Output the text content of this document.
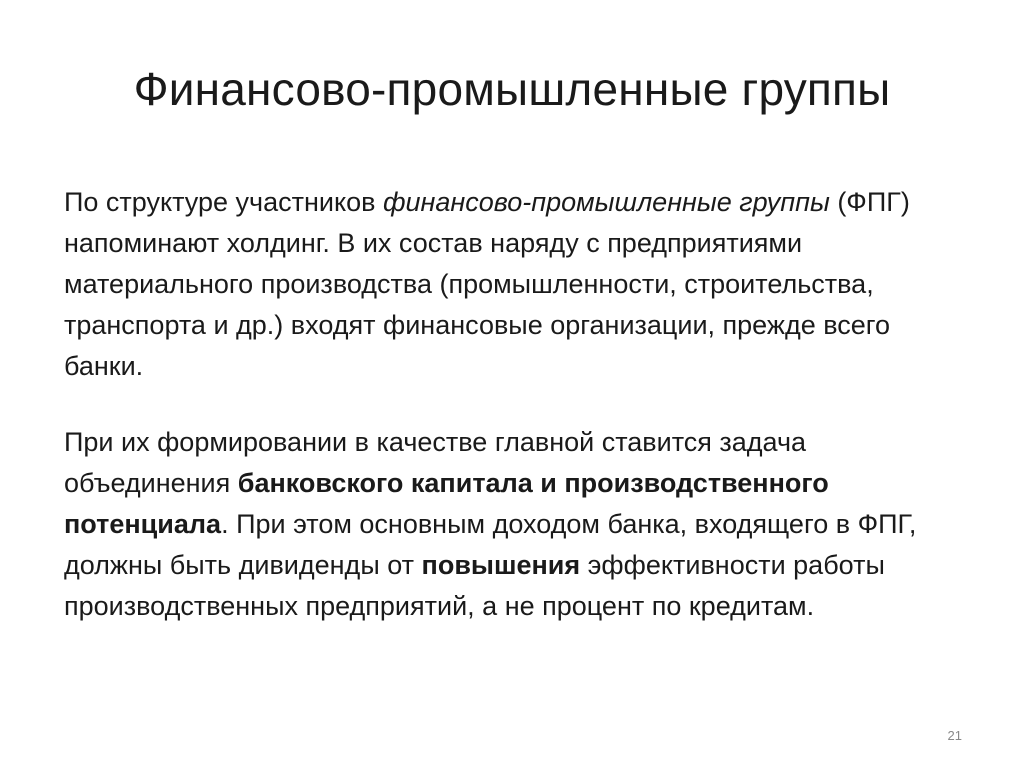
Финансово-промышленные группы

По структуре участников финансово-промышленные группы (ФПГ) напоминают холдинг. В их состав наряду с предприятиями материального производства (промышленности, строительства, транспорта и др.) входят финансовые организации, прежде всего банки.

При их формировании в качестве главной ставится задача объединения банковского капитала и производственного потенциала. При этом основным доходом банка, входящего в ФПГ, должны быть дивиденды от повышения эффективности работы производственных предприятий, а не процент по кредитам.

21
